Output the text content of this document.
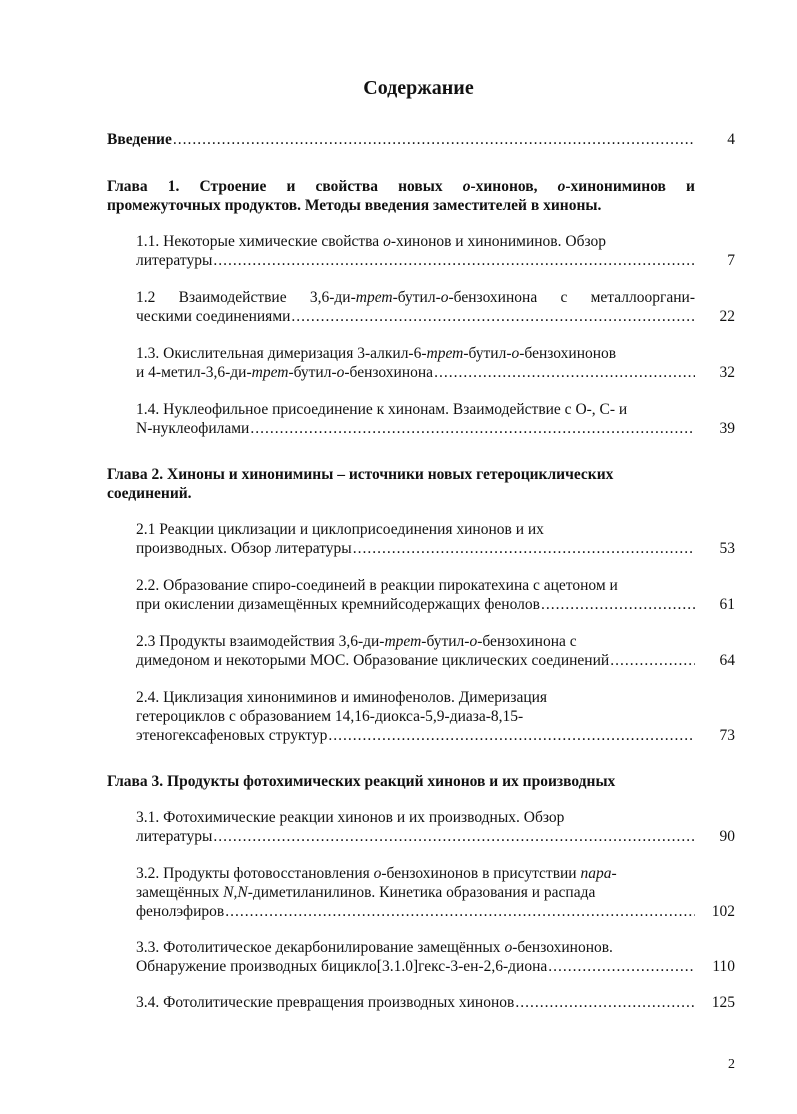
Содержание
Введение .....	4
Глава 1. Строение и свойства новых о-хинонов, о-хинониминов и
промежуточных продуктов. Методы введения заместителей в хиноны.
1.1. Некоторые химические свойства о-хинонов и хинониминов. Обзор
литературы .....	7
1.2 Взаимодействие 3,6-ди-трет-бутил-о-бензохинона с металлооргани-
ческими соединениями .....	22
1.3. Окислительная димеризация 3-алкил-6-трет-бутил-о-бензохинонов
и 4-метил-3,6-ди-трет-бутил-о-бензохинона .....	32
1.4. Нуклеофильное присоединение к хинонам. Взаимодействие с О-, С- и
N-нуклеофилами .....	39
Глава 2. Хиноны и хинонимины – источники новых гетероциклических
соединений.
2.1 Реакции циклизации и циклоприсоединения хинонов и их
производных. Обзор литературы .....	53
2.2. Образование спиро-соединеий в реакции пирокатехина с ацетоном и
при окислении дизамещённых кремнийсодержащих фенолов .....	61
2.3 Продукты взаимодействия 3,6-ди-трет-бутил-о-бензохинона с
димедоном и некоторыми МОС. Образование циклических соединений .....	64
2.4. Циклизация хинониминов и иминофенолов. Димеризация
гетероциклов с образованием 14,16-диокса-5,9-диаза-8,15-
этеногексафеновых структур .....	73
Глава 3. Продукты фотохимических реакций хинонов и их производных
3.1. Фотохимические реакции хинонов и их производных. Обзор
литературы .....	90
3.2. Продукты фотовосстановления о-бензохинонов в присутствии пара-
замещённых N,N-диметиланилинов. Кинетика образования и распада
фенолэфиров .....	102
3.3. Фотолитическое декарбонилирование замещённых о-бензохинонов.
Обнаружение производных бицикло[3.1.0]гекс-3-ен-2,6-диона .....	110
3.4. Фотолитические превращения производных хинонов .....	125
2
